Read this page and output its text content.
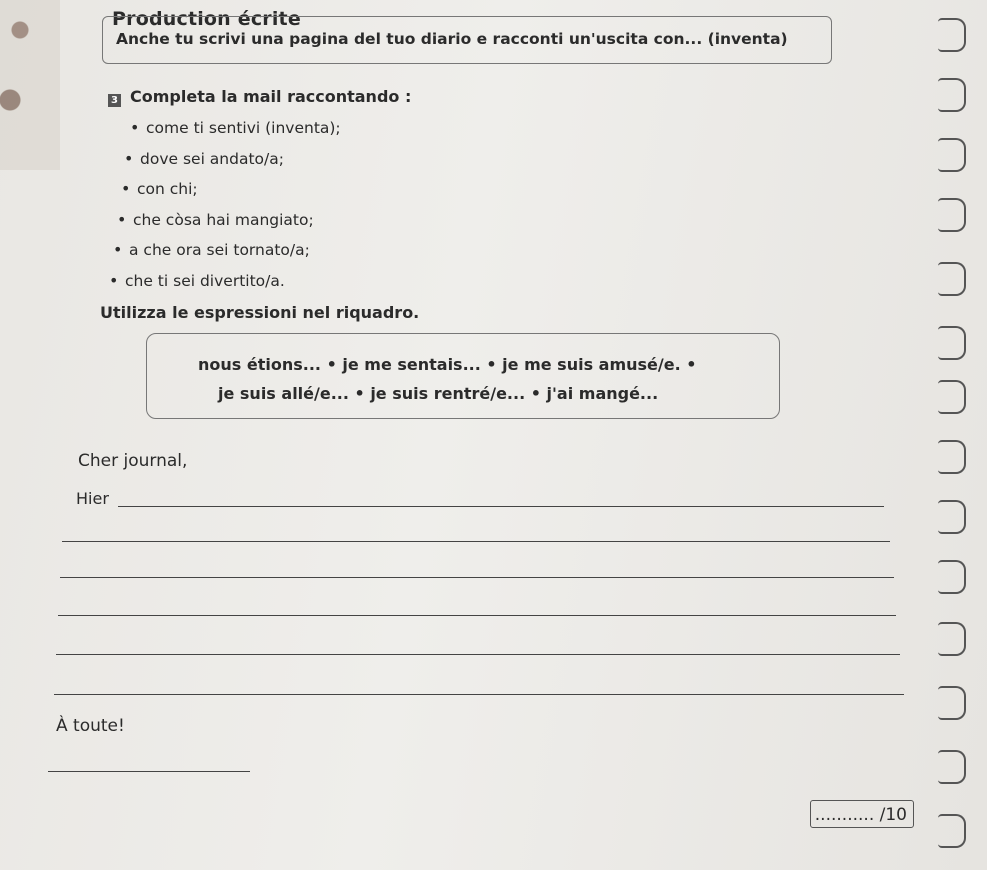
Production écrite
Anche tu scrivi una pagina del tuo diario e racconti un'uscita con... (inventa)
3 Completa la mail raccontando :
• come ti sentivi (inventa);
• dove sei andato/a;
• con chi;
• che còsa hai mangiato;
• a che ora sei tornato/a;
• che ti sei divertito/a.
Utilizza le espressioni nel riquadro.
nous étions... • je me sentais... • je me suis amusé/e. •
je suis allé/e... • je suis rentré/e... • j'ai mangé...
Cher journal,
Hier
À toute!
........... /10
